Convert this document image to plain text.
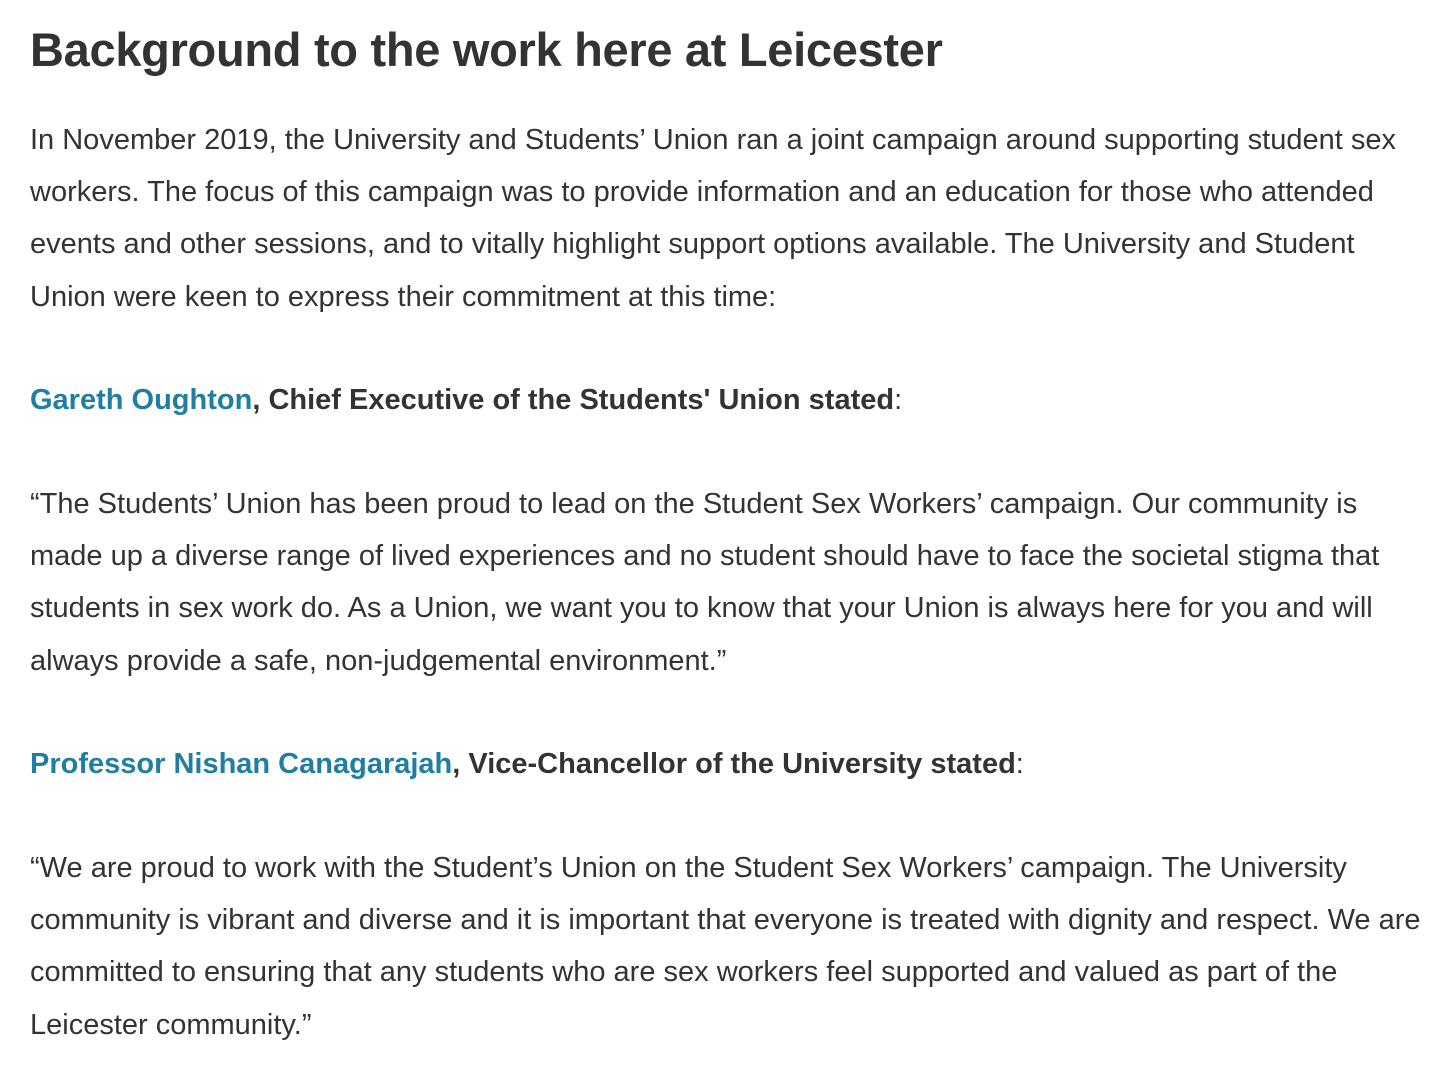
Background to the work here at Leicester

In November 2019, the University and Students’ Union ran a joint campaign around supporting student sex workers. The focus of this campaign was to provide information and an education for those who attended events and other sessions, and to vitally highlight support options available. The University and Student Union were keen to express their commitment at this time:

Gareth Oughton, Chief Executive of the Students' Union stated:

“The Students’ Union has been proud to lead on the Student Sex Workers’ campaign. Our community is made up a diverse range of lived experiences and no student should have to face the societal stigma that students in sex work do. As a Union, we want you to know that your Union is always here for you and will always provide a safe, non-judgemental environment.”

Professor Nishan Canagarajah, Vice-Chancellor of the University stated:

“We are proud to work with the Student’s Union on the Student Sex Workers’ campaign. The University community is vibrant and diverse and it is important that everyone is treated with dignity and respect. We are committed to ensuring that any students who are sex workers feel supported and valued as part of the Leicester community.”
